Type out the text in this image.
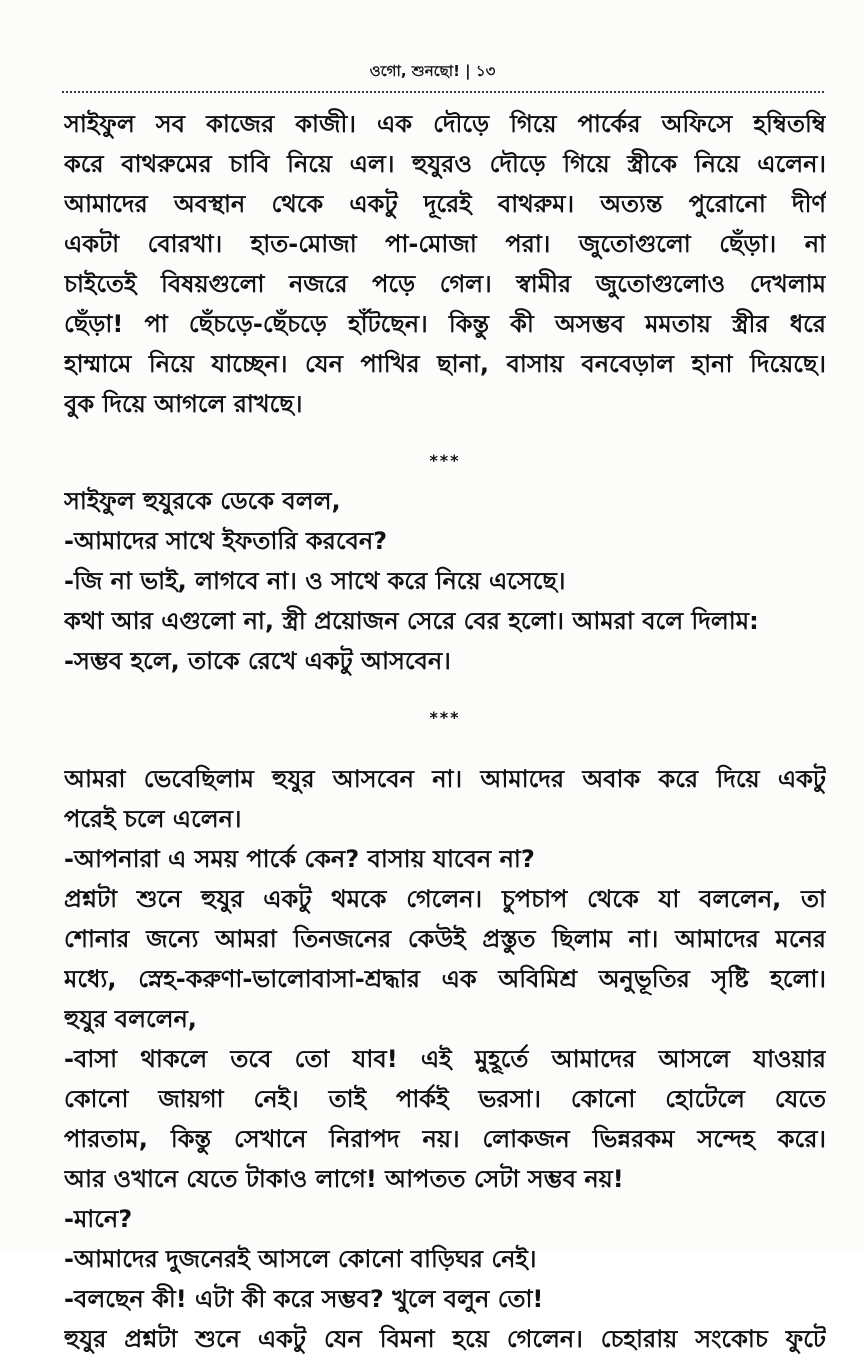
ওগো, শুনছো! | ১৩
সাইফুল সব কাজের কাজী। এক দৌড়ে গিয়ে পার্কের অফিসে হম্বিতম্বি
করে বাথরুমের চাবি নিয়ে এল। হুযুরও দৌড়ে গিয়ে স্ত্রীকে নিয়ে এলেন।
আমাদের অবস্থান থেকে একটু দূরেই বাথরুম। অত্যন্ত পুরোনো দীর্ণ
একটা বোরখা। হাত-মোজা পা-মোজা পরা। জুতোগুলো ছেঁড়া। না
চাইতেই বিষয়গুলো নজরে পড়ে গেল। স্বামীর জুতোগুলোও দেখলাম
ছেঁড়া! পা ছেঁচড়ে-ছেঁচড়ে হাঁটছেন। কিন্তু কী অসম্ভব মমতায় স্ত্রীর ধরে
হাম্মামে নিয়ে যাচ্ছেন। যেন পাখির ছানা, বাসায় বনবেড়াল হানা দিয়েছে।
বুক দিয়ে আগলে রাখছে।
***
সাইফুল হুযুরকে ডেকে বলল,
-আমাদের সাথে ইফতারি করবেন?
-জি না ভাই, লাগবে না। ও সাথে করে নিয়ে এসেছে।
কথা আর এগুলো না, স্ত্রী প্রয়োজন সেরে বের হলো। আমরা বলে দিলাম:
-সম্ভব হলে, তাকে রেখে একটু আসবেন।
***
আমরা ভেবেছিলাম হুযুর আসবেন না। আমাদের অবাক করে দিয়ে একটু
পরেই চলে এলেন।
-আপনারা এ সময় পার্কে কেন? বাসায় যাবেন না?
প্রশ্নটা শুনে হুযুর একটু থমকে গেলেন। চুপচাপ থেকে যা বললেন, তা
শোনার জন্যে আমরা তিনজনের কেউই প্রস্তুত ছিলাম না। আমাদের মনের
মধ্যে, স্নেহ-করুণা-ভালোবাসা-শ্রদ্ধার এক অবিমিশ্র অনুভূতির সৃষ্টি হলো।
হুযুর বললেন,
-বাসা থাকলে তবে তো যাব! এই মুহূর্তে আমাদের আসলে যাওয়ার
কোনো জায়গা নেই। তাই পার্কই ভরসা। কোনো হোটেলে যেতে
পারতাম, কিন্তু সেখানে নিরাপদ নয়। লোকজন ভিন্নরকম সন্দেহ করে।
আর ওখানে যেতে টাকাও লাগে! আপতত সেটা সম্ভব নয়!
-মানে?
-আমাদের দুজনেরই আসলে কোনো বাড়িঘর নেই।
-বলছেন কী! এটা কী করে সম্ভব? খুলে বলুন তো!
হুযুর প্রশ্নটা শুনে একটু যেন বিমনা হয়ে গেলেন। চেহারায় সংকোচ ফুটে
